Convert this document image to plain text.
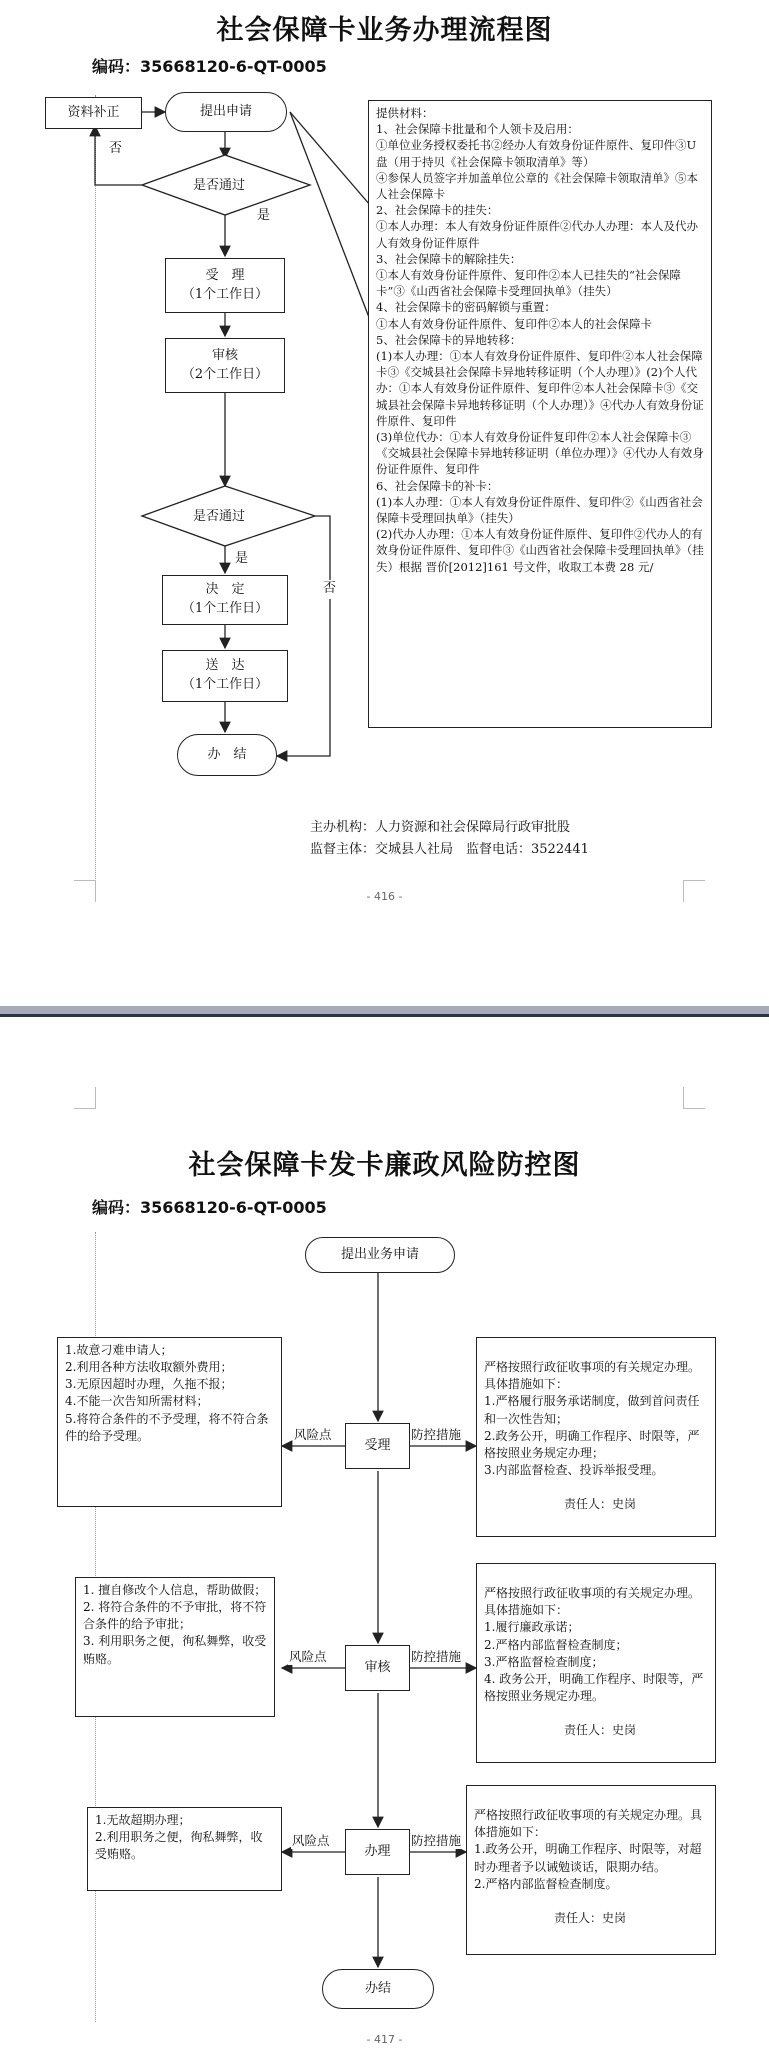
社会保障卡业务办理流程图
编码：35668120-6-QT-0005
资料补正	提出申请
是否通过
否
是
受　理
（1个工作日）
审核
（2个工作日）
是否通过
是
否
决　定
（1个工作日）
送　达
（1个工作日）
办　结
提供材料：
1、社会保障卡批量和个人领卡及启用：
①单位业务授权委托书②经办人有效身份证件原件、复印件③U 盘（用于持贝《社会保障卡领取清单》等）
④参保人员签字并加盖单位公章的《社会保障卡领取清单》⑤本人社会保障卡
2、社会保障卡的挂失：
①本人办理：本人有效身份证件原件②代办人办理：本人及代办人有效身份证件原件
3、社会保障卡的解除挂失：
①本人有效身份证件原件、复印件②本人已挂失的“社会保障卡”③《山西省社会保障卡受理回执单》（挂失）
4、社会保障卡的密码解锁与重置：
①本人有效身份证件原件、复印件②本人的社会保障卡
5、社会保障卡的异地转移：
(1)本人办理：①本人有效身份证件原件、复印件②本人社会保障卡③《交城县社会保障卡异地转移证明（个人办理）》(2)个人代办：①本人有效身份证件原件、复印件②本人社会保障卡③《交城县社会保障卡异地转移证明（个人办理）》④代办人有效身份证件原件、复印件
(3)单位代办：①本人有效身份证件复印件②本人社会保障卡③《交城县社会保障卡异地转移证明（单位办理）》④代办人有效身份证件原件、复印件
6、社会保障卡的补卡：
(1)本人办理：①本人有效身份证件原件、复印件②《山西省社会保障卡受理回执单》（挂失）
(2)代办人办理：①本人有效身份证件原件、复印件②代办人的有效身份证件原件、复印件③《山西省社会保障卡受理回执单》（挂失）根据 晋价[2012]161 号文件，收取工本费 28 元/
主办机构：人力资源和社会保障局行政审批股
监督主体：交城县人社局　监督电话：3522441
- 416 -
社会保障卡发卡廉政风险防控图
编码：35668120-6-QT-0005
提出业务申请
1.故意刁难申请人；
2.利用各种方法收取额外费用；
3.无原因超时办理，久拖不报；
4.不能一次告知所需材料；
5.将符合条件的不予受理，将不符合条件的给予受理。	风险点
受理
防控措施

严格按照行政征收事项的有关规定办理。具体措施如下：
1.严格履行服务承诺制度，做到首问责任和一次性告知；
2.政务公开，明确工作程序、时限等，严格按照业务规定办理；
3.内部监督检查、投诉举报受理。

责任人：史岗

1. 擅自修改个人信息，帮助做假；
2. 将符合条件的不予审批，将不符合条件的给予审批；
3. 利用职务之便，徇私舞弊，收受贿赂。	风险点
审核
防控措施

严格按照行政征收事项的有关规定办理。具体措施如下：
1.履行廉政承诺；
2.严格内部监督检查制度；
3.严格监督检查制度；
4. 政务公开，明确工作程序、时限等，严格按照业务规定办理。

责任人：史岗

1.无故超期办理；
2.利用职务之便，徇私舞弊，收受贿赂。
风险点
办理
防控措施

严格按照行政征收事项的有关规定办理。具体措施如下：
1.政务公开，明确工作程序、时限等，对超时办理者予以诫勉谈话，限期办结。
2.严格内部监督检查制度。

责任人：史岗

办结
- 417 -
